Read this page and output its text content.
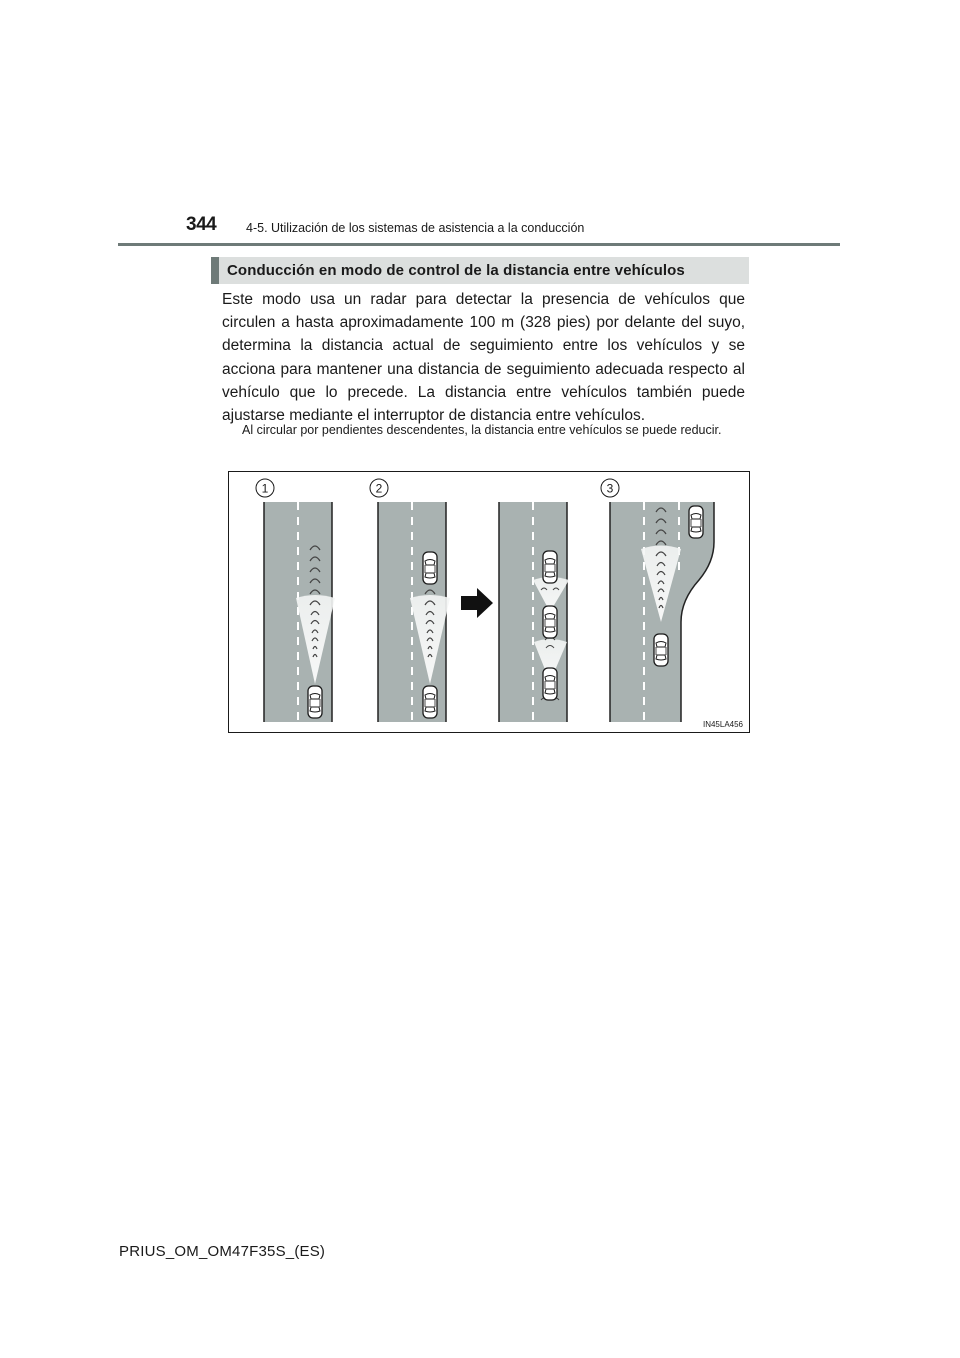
344 4-5. Utilización de los sistemas de asistencia a la conducción
Conducción en modo de control de la distancia entre vehículos

Este modo usa un radar para detectar la presencia de vehículos que circulen a hasta aproximadamente 100 m (328 pies) por delante del suyo, determina la distancia actual de seguimiento entre los vehículos y se acciona para mantener una distancia de seguimiento adecuada respecto al vehículo que lo precede. La distancia entre vehículos también puede ajustarse mediante el interruptor de distancia entre vehículos.

Al circular por pendientes descendentes, la distancia entre vehículos se puede reducir.

1	2	3
IN45LA456
PRIUS_OM_OM47F35S_(ES)
